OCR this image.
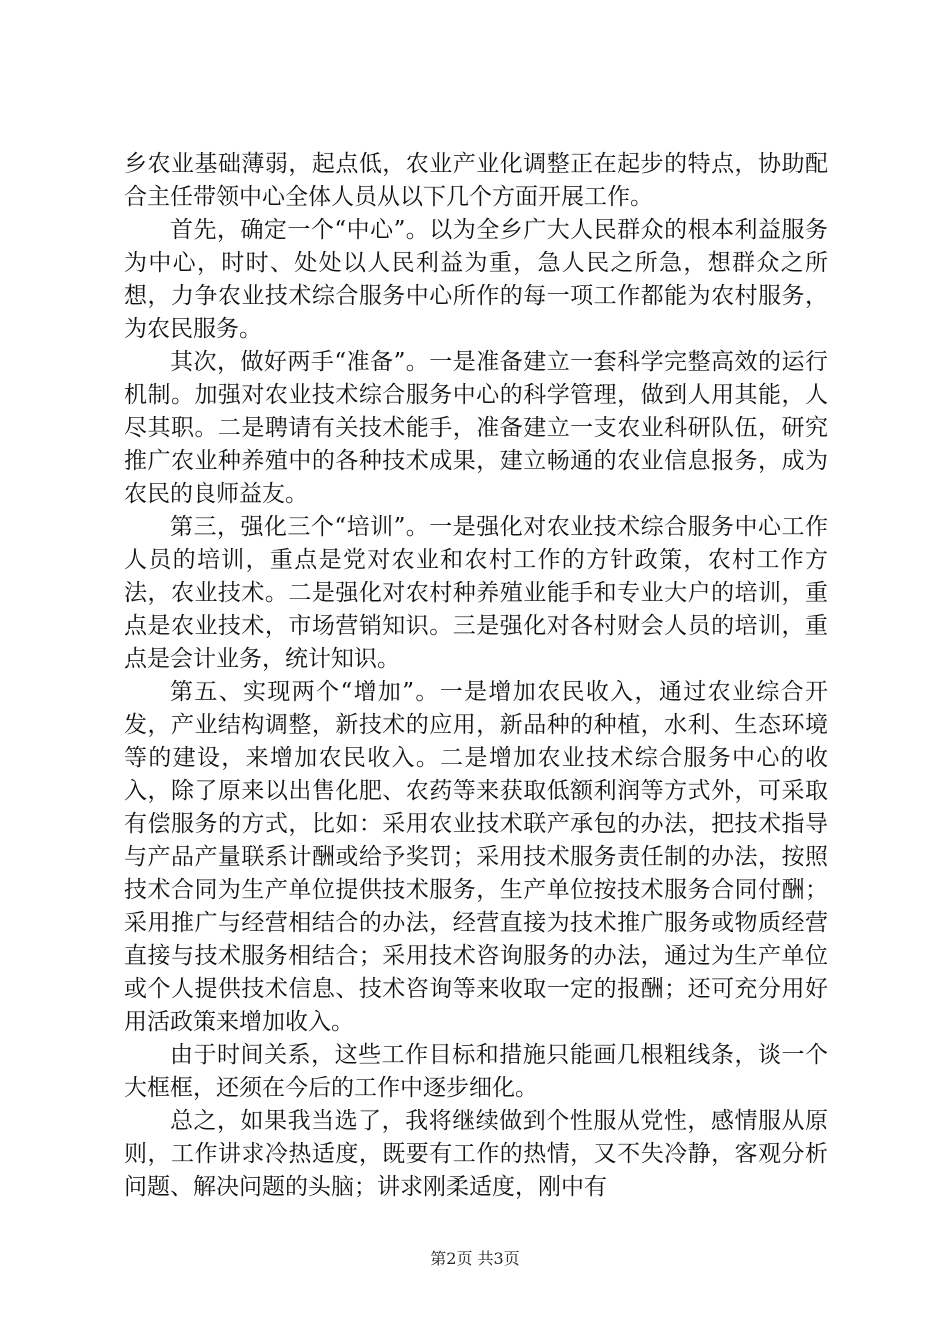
乡农业基础薄弱，起点低，农业产业化调整正在起步的特点，协助配合主任带领中心全体人员从以下几个方面开展工作。

首先，确定一个“中心”。以为全乡广大人民群众的根本利益服务为中心，时时、处处以人民利益为重，急人民之所急，想群众之所想，力争农业技术综合服务中心所作的每一项工作都能为农村服务，为农民服务。

其次，做好两手“准备”。一是准备建立一套科学完整高效的运行机制。加强对农业技术综合服务中心的科学管理，做到人用其能，人尽其职。二是聘请有关技术能手，准备建立一支农业科研队伍，研究推广农业种养殖中的各种技术成果，建立畅通的农业信息报务，成为农民的良师益友。

第三，强化三个“培训”。一是强化对农业技术综合服务中心工作人员的培训，重点是党对农业和农村工作的方针政策，农村工作方法，农业技术。二是强化对农村种养殖业能手和专业大户的培训，重点是农业技术，市场营销知识。三是强化对各村财会人员的培训，重点是会计业务，统计知识。

第五、实现两个“增加”。一是增加农民收入，通过农业综合开发，产业结构调整，新技术的应用，新品种的种植，水利、生态环境等的建设，来增加农民收入。二是增加农业技术综合服务中心的收入，除了原来以出售化肥、农药等来获取低额利润等方式外，可采取有偿服务的方式，比如：采用农业技术联产承包的办法，把技术指导与产品产量联系计酬或给予奖罚；采用技术服务责任制的办法，按照技术合同为生产单位提供技术服务，生产单位按技术服务合同付酬；采用推广与经营相结合的办法，经营直接为技术推广服务或物质经营直接与技术服务相结合；采用技术咨询服务的办法，通过为生产单位或个人提供技术信息、技术咨询等来收取一定的报酬；还可充分用好用活政策来增加收入。

由于时间关系，这些工作目标和措施只能画几根粗线条，谈一个大框框，还须在今后的工作中逐步细化。

总之，如果我当选了，我将继续做到个性服从党性，感情服从原则，工作讲求冷热适度，既要有工作的热情，又不失冷静，客观分析问题、解决问题的头脑；讲求刚柔适度，刚中有

第2页 共3页
